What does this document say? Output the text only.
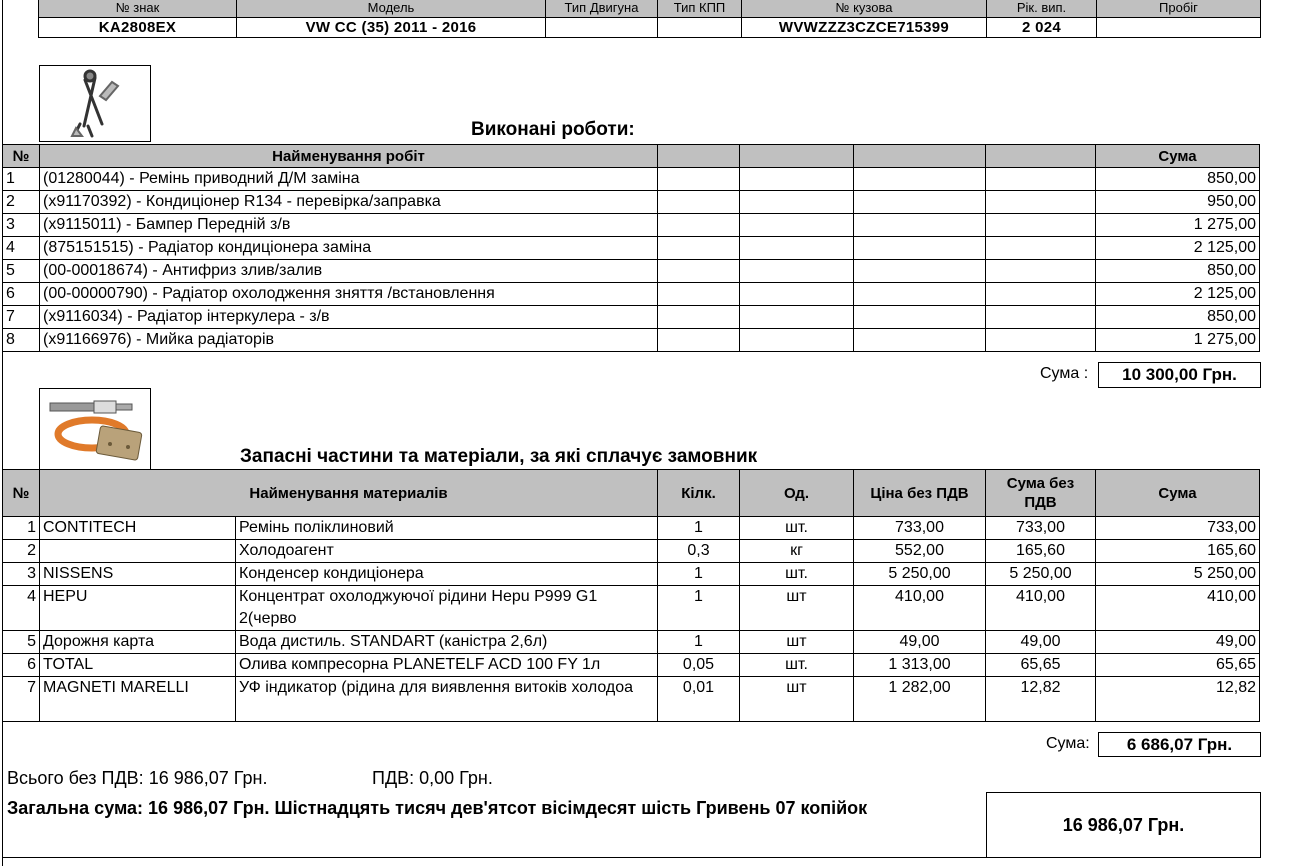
№ знак	Модель	Тип Двигуна	Тип КПП	№ кузова	Рік. вип.	Пробіг
KA2808EX	VW CC (35) 2011 - 2016			WVWZZZ3CZCE715399	2 024	
Виконані роботи:
№	Найменування робіт					Сума
1	(01280044) - Ремінь приводний Д/М заміна					850,00
2	(x91170392) - Кондиціонер R134 - перевірка/заправка					950,00
3	(x9115011) - Бампер Передній з/в					1 275,00
4	(875151515) - Радіатор кондиціонера заміна					2 125,00
5	(00-00018674) - Антифриз злив/залив					850,00
6	(00-00000790) - Радіатор охолодження зняття /встановлення					2 125,00
7	(x9116034) - Радіатор інтеркулера - з/в					850,00
8	(x91166976) - Мийка радіаторів					1 275,00
Сума :	10 300,00 Грн.
Запасні частини та матеріали, за які сплачує замовник
№	Найменування материалів		Кілк.	Од.	Ціна без ПДВ	Сума без ПДВ	Сума
1	CONTITECH	Ремінь поліклиновий	1	шт.	733,00	733,00	733,00
2		Холодоагент	0,3	кг	552,00	165,60	165,60
3	NISSENS	Конденсер кондиціонера	1	шт.	5 250,00	5 250,00	5 250,00
4	HEPU	Концентрат охолоджуючої рідини Hepu P999 G1 2(черво	1	шт	410,00	410,00	410,00
5	Дорожня карта	Вода дистиль. STANDART (каністра 2,6л)	1	шт	49,00	49,00	49,00
6	TOTAL	Олива компресорна PLANETELF ACD 100 FY 1л	0,05	шт.	1 313,00	65,65	65,65
7	MAGNETI MARELLI	УФ індикатор (рідина для виявлення витоків холодоа	0,01	шт	1 282,00	12,82	12,82
Сума:	6 686,07 Грн.
Всього без ПДВ: 16 986,07 Грн.	ПДВ: 0,00 Грн.
Загальна сума: 16 986,07 Грн. Шістнадцять тисяч дев'ятсот вісімдесят шість Гривень 07 копійок
16 986,07 Грн.
